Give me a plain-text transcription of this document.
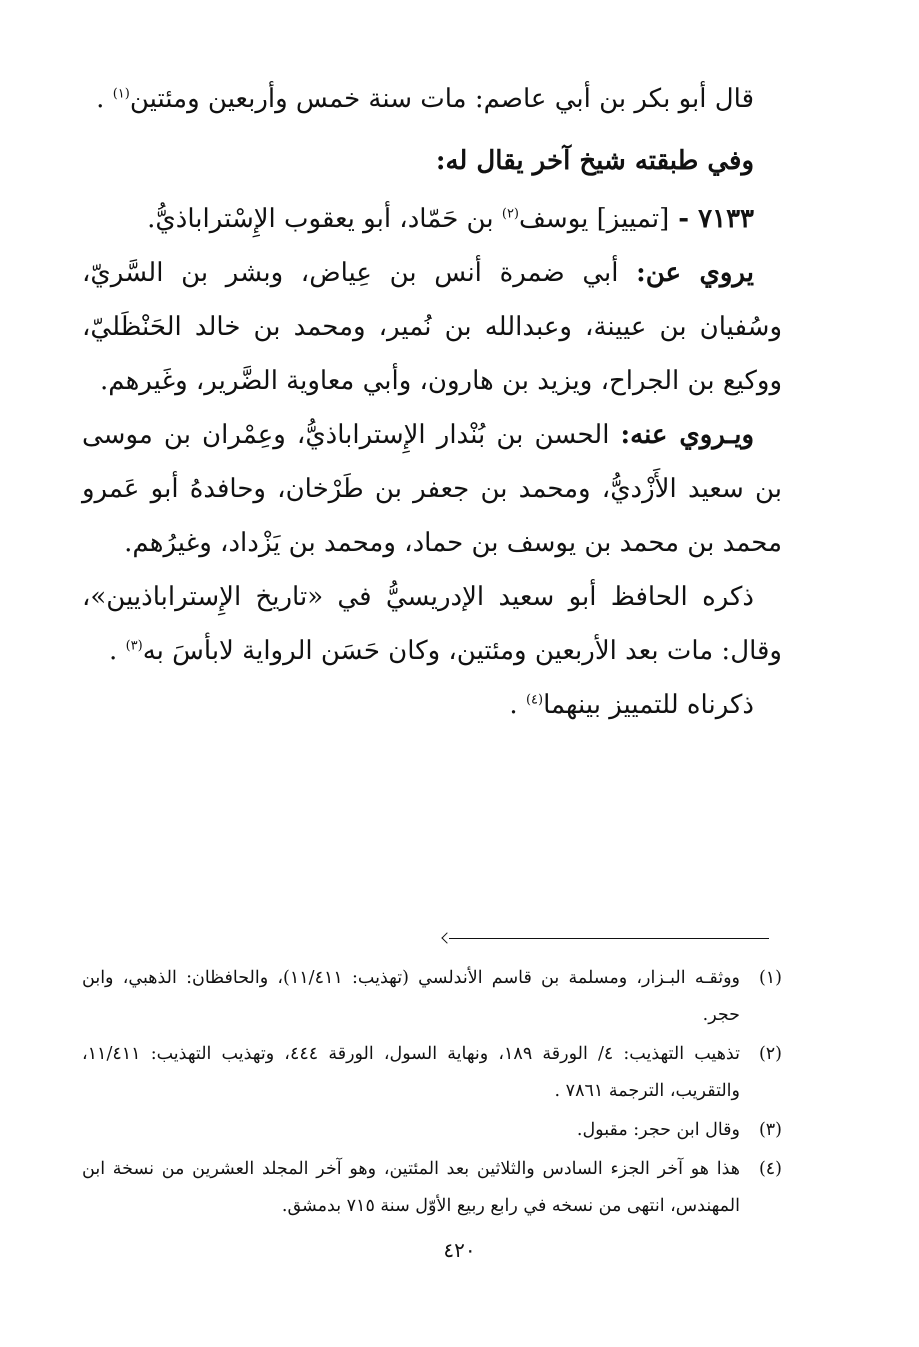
قال أبو بكر بن أبي عاصم: مات سنة خمس وأربعين ومئتين$^{(١)}$ .

وفي طبقته شيخ آخر يقال له:

٧١٣٣ - [تمييز] يوسف$^{(٢)}$ بن حَمّاد، أبو يعقوب الإِسْتراباذيُّ.

يروي عن: أبي ضمرة أنس بن عِياض، وبشر بن السَّريّ، وسُفيان بن عيينة، وعبدالله بن نُمير، ومحمد بن خالد الحَنْظَليّ، ووكيع بن الجراح، ويزيد بن هارون، وأبي معاوية الضَّرير، وغَيرهم.

ويـروي عنه: الحسن بن بُنْدار الإِستراباذيُّ، وعِمْران بن موسى بن سعيد الأَزْديُّ، ومحمد بن جعفر بن طَرْخان، وحافدهُ أبو عَمرو محمد بن محمد بن يوسف بن حماد، ومحمد بن يَزْداد، وغيرُهم.

ذكره الحافظ أبو سعيد الإدريسيُّ في «تاريخ الإِستراباذيين»، وقال: مات بعد الأربعين ومئتين، وكان حَسَن الرواية لابأسَ به$^{(٣)}$ .

ذكرناه للتمييز بينهما$^{(٤)}$ .

(١)
ووثقـه البـزار، ومسلمة بن قاسم الأندلسي (تهذيب: ١١/٤١١)، والحافظان: الذهبي، وابن حجر.
(٢)
تذهيب التهذيب: ٤/ الورقة ١٨٩، ونهاية السول، الورقة ٤٤٤، وتهذيب التهذيب: ١١/٤١١، والتقريب، الترجمة ٧٨٦١ .
(٣)
وقال ابن حجر: مقبول.
(٤)
هذا هو آخر الجزء السادس والثلاثين بعد المئتين، وهو آخر المجلد العشرين من نسخة ابن المهندس، انتهى من نسخه في رابع ربيع الأوّل سنة ٧١٥ بدمشق.
٤٢٠
